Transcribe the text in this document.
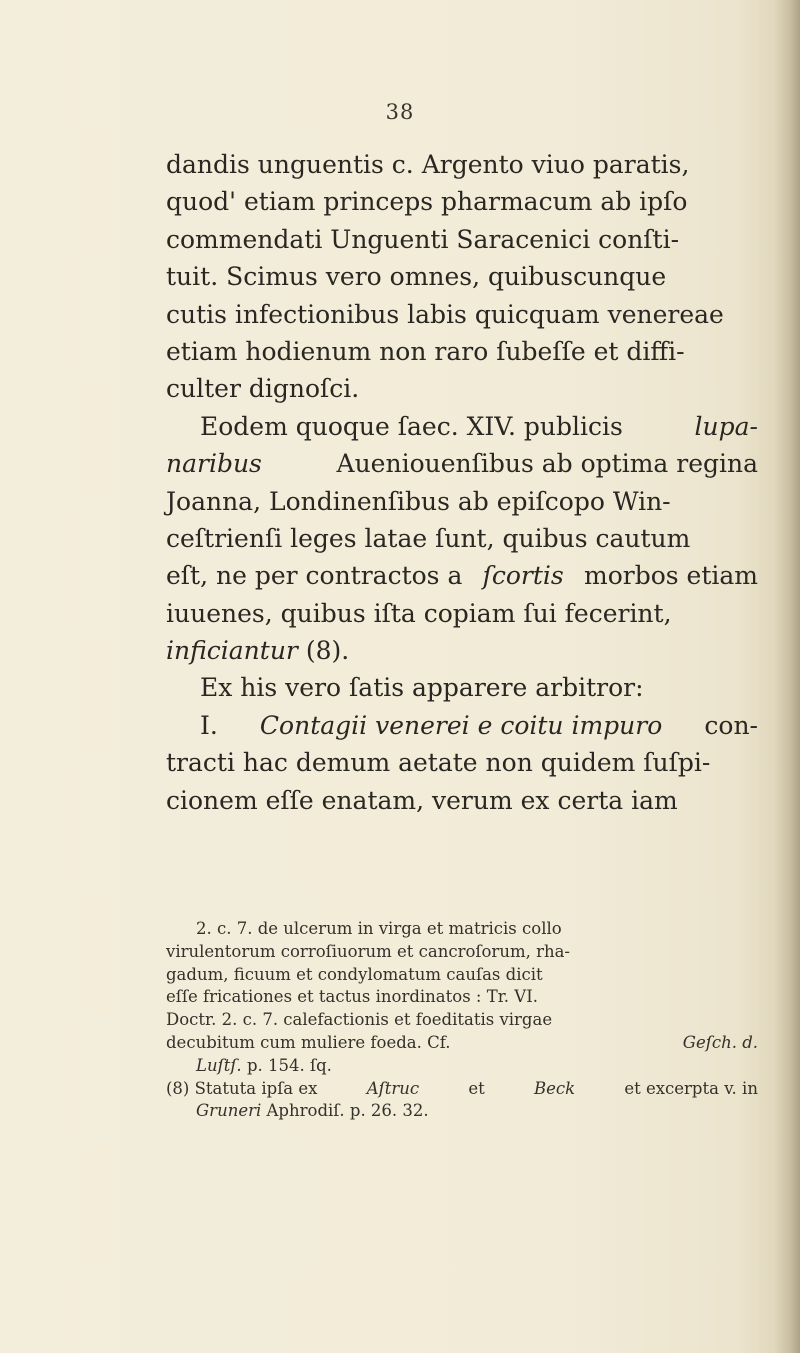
38
dandis unguentis c. Argento viuo paratis,
quod' etiam princeps pharmacum ab ipſo
commendati Unguenti Saracenici conſti-
tuit. Scimus vero omnes, quibuscunque
cutis infectionibus labis quicquam venereae
etiam hodienum non raro ſubeſſe et diffi-
culter dignoſci.
Eodem quoque ſaec. XIV. publicis	lupa-
naribus	Aueniouenſibus ab optima regina
Joanna, Londinenſibus ab epiſcopo Win-
ceſtrienſi leges latae ſunt, quibus cautum
eſt, ne per contractos a ſcortis morbos etiam
iuuenes, quibus iſta copiam ſui fecerint,
inficiantur
(8).
Ex his vero ſatis apparere arbitror:
I. Contagii venerei e coitu impuro con-
tracti hac demum aetate non quidem ſuſpi-
cionem eſſe enatam, verum ex certa iam
2. c. 7. de ulcerum in virga et matricis collo
virulentorum corroſiuorum et cancroſorum, rha-
gadum, ficuum et condylomatum cauſas dicit
eſſe fricationes et tactus inordinatos : Tr. VI.
Doctr. 2. c. 7. calefactionis et foeditatis virgae
decubitum cum muliere foeda. Cf.	Geſch. d.
Luſtſ.
p. 154. ſq.
(8) Statuta ipſa ex	Aſtruc	et	Beck	et excerpta v. in
Gruneri
Aphrodiſ. p. 26. 32.
